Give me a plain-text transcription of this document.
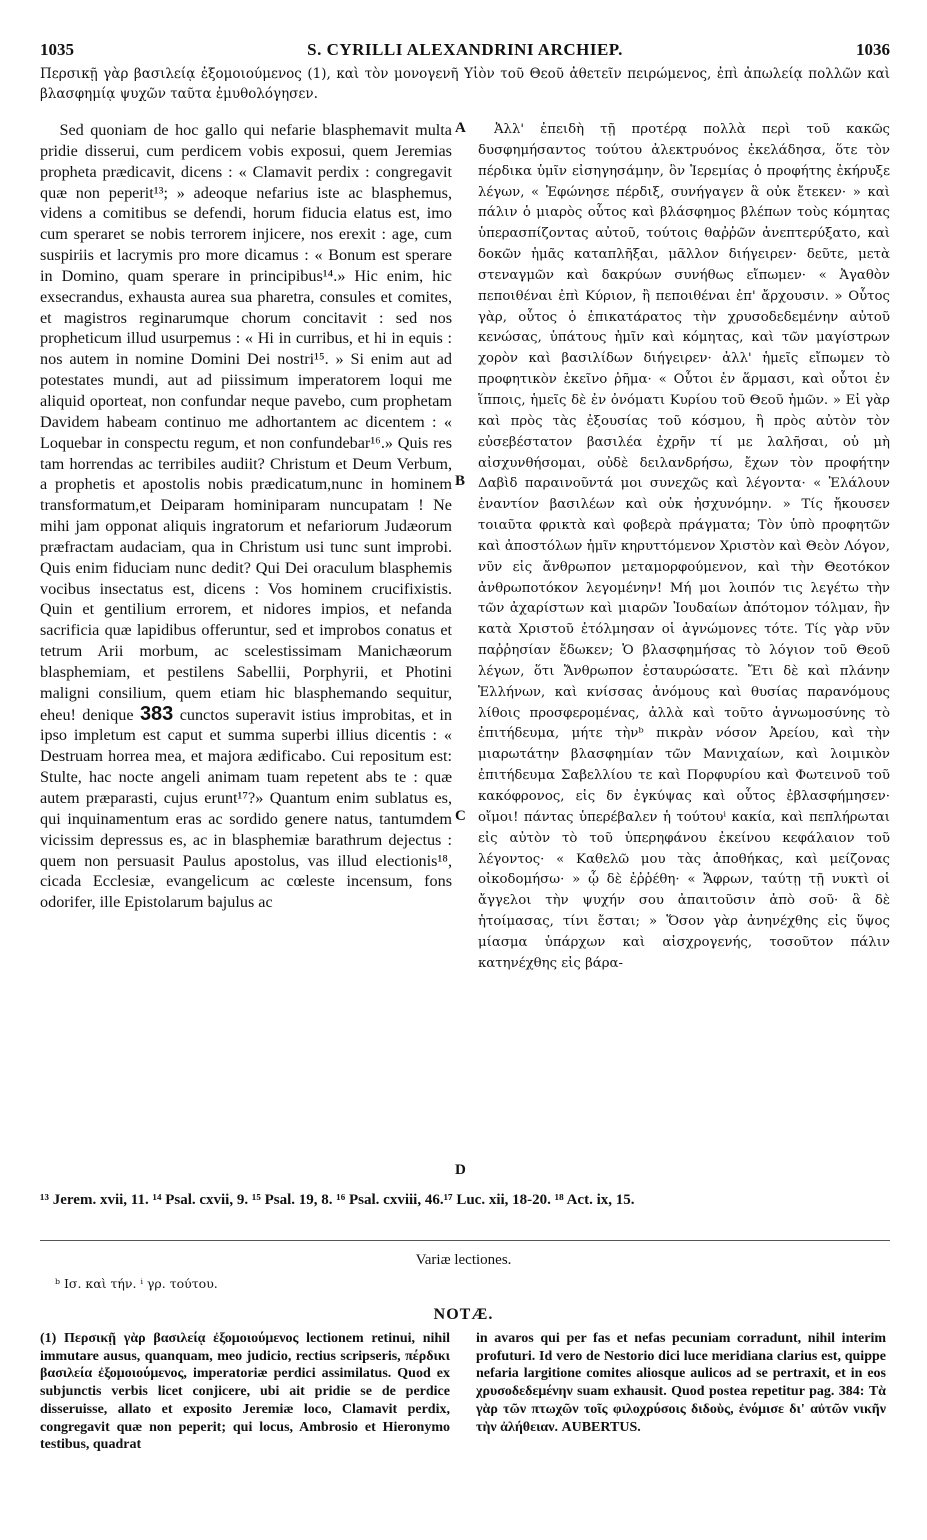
1035	S. CYRILLI ALEXANDRINI ARCHIEP.	1036
Περσικῇ γὰρ βασιλείᾳ ἐξομοιούμενος (1), καὶ τὸν μονογενῆ Υἱὸν τοῦ Θεοῦ ἀθετεῖν πειρώμενος, ἐπὶ ἀπωλείᾳ πολλῶν καὶ βλασφημίᾳ ψυχῶν ταῦτα ἐμυθολόγησεν.

Sed quoniam de hoc gallo qui nefarie blasphemavit multa pridie disserui, cum perdicem vobis exposui, quem Jeremias propheta prædicavit, dicens : « Clamavit perdix : congregavit quæ non peperit¹³; » adeoque nefarius iste ac blasphemus, videns a comitibus se defendi, horum fiducia elatus est, imo cum speraret se nobis terrorem injicere, nos erexit : age, cum suspiriis et lacrymis pro more dicamus : « Bonum est sperare in Domino, quam sperare in principibus¹⁴.» Hic enim, hic exsecrandus, exhausta aurea sua pharetra, consules et comites, et magistros reginarumque chorum concitavit : sed nos propheticum illud usurpemus : « Hi in curribus, et hi in equis : nos autem in nomine Domini Dei nostri¹⁵. » Si enim aut ad potestates mundi, aut ad piissimum imperatorem loqui me aliquid oporteat, non confundar neque pavebo, cum prophetam Davidem habeam continuo me adhortantem ac dicentem : « Loquebar in conspectu regum, et non confundebar¹⁶.» Quis res tam horrendas ac terribiles audiit? Christum et Deum Verbum, a prophetis et apostolis nobis prædicatum,nunc in hominem transformatum,et Deiparam hominiparam nuncupatam ! Ne mihi jam opponat aliquis ingratorum et nefariorum Judæorum præfractam audaciam, qua in Christum usi tunc sunt improbi. Quis enim fiduciam nunc dedit? Qui Dei oraculum blasphemis vocibus insectatus est, dicens : Vos hominem crucifixistis. Quin et gentilium errorem, et nidores impios, et nefanda sacrificia quæ lapidibus offeruntur, sed et improbos conatus et tetrum Arii morbum, ac scelestissimam Manichæorum blasphemiam, et pestilens Sabellii, Porphyrii, et Photini maligni consilium, quem etiam hic blasphemando sequitur, eheu! denique 383 cunctos superavit istius improbitas, et in ipso impletum est caput et summa superbi illius dicentis : « Destruam horrea mea, et majora ædificabo. Cui repositum est: Stulte, hac nocte angeli animam tuam repetent abs te : quæ autem præparasti, cujus erunt¹⁷?» Quantum enim sublatus es, qui inquinamentum eras ac sordido genere natus, tantumdem vicissim depressus es, ac in blasphemiæ barathrum dejectus : quem non persuasit Paulus apostolus, vas illud electionis¹⁸, cicada Ecclesiæ, evangelicum ac cœleste incensum, fons odorifer, ille Epistolarum bajulus ac

Ἀλλ' ἐπειδὴ τῇ προτέρᾳ πολλὰ περὶ τοῦ κακῶς δυσφημήσαντος τούτου ἀλεκτρυόνος ἐκελάδησα, ὅτε τὸν πέρδικα ὑμῖν εἰσηγησάμην, ὃν Ἱερεμίας ὁ προφήτης ἐκήρυξε λέγων, « Ἐφώνησε πέρδιξ, συνήγαγεν ἃ οὐκ ἔτεκεν· » καὶ πάλιν ὁ μιαρὸς οὗτος καὶ βλάσφημος βλέπων τοὺς κόμητας ὑπερασπίζοντας αὐτοῦ, τούτοις θαῤῥῶν ἀνεπτερύξατο, καὶ δοκῶν ἡμᾶς καταπλῆξαι, μᾶλλον διήγειρεν· δεῦτε, μετὰ στεναγμῶν καὶ δακρύων συνήθως εἴπωμεν· « Ἀγαθὸν πεποιθέναι ἐπὶ Κύριον, ἢ πεποιθέναι ἐπ' ἄρχουσιν. » Οὗτος γὰρ, οὗτος ὁ ἐπικατάρατος τὴν χρυσοδεδεμένην αὐτοῦ κενώσας, ὑπάτους ἡμῖν καὶ κόμητας, καὶ τῶν μαγίστρων χορὸν καὶ βασιλίδων διήγειρεν· ἀλλ' ἡμεῖς εἴπωμεν τὸ προφητικὸν ἐκεῖνο ῥῆμα· « Οὗτοι ἐν ἅρμασι, καὶ οὗτοι ἐν ἵπποις, ἡμεῖς δὲ ἐν ὀνόματι Κυρίου τοῦ Θεοῦ ἡμῶν. » Εἰ γὰρ καὶ πρὸς τὰς ἐξουσίας τοῦ κόσμου, ἢ πρὸς αὐτὸν τὸν εὐσεβέστατον βασιλέα ἐχρῆν τί με λαλῆσαι, οὐ μὴ αἰσχυνθήσομαι, οὐδὲ δειλανδρήσω, ἔχων τὸν προφήτην Δαβὶδ παραινοῦντά μοι συνεχῶς καὶ λέγοντα· « Ἐλάλουν ἐναντίον βασιλέων καὶ οὐκ ἠσχυνόμην. » Τίς ἤκουσεν τοιαῦτα φρικτὰ καὶ φοβερὰ πράγματα; Τὸν ὑπὸ προφητῶν καὶ ἀποστόλων ἡμῖν κηρυττόμενον Χριστὸν καὶ Θεὸν Λόγον, νῦν εἰς ἄνθρωπον μεταμορφούμενον, καὶ τὴν Θεοτόκον ἀνθρωποτόκον λεγομένην! Μή μοι λοιπόν τις λεγέτω τὴν τῶν ἀχαρίστων καὶ μιαρῶν Ἰουδαίων ἀπότομον τόλμαν, ἣν κατὰ Χριστοῦ ἐτόλμησαν οἱ ἀγνώμονες τότε. Τίς γὰρ νῦν παῤῥησίαν ἔδωκεν; Ὁ βλασφημήσας τὸ λόγιον τοῦ Θεοῦ λέγων, ὅτι Ἄνθρωπον ἐσταυρώσατε. Ἔτι δὲ καὶ πλάνην Ἑλλήνων, καὶ κνίσσας ἀνόμους καὶ θυσίας παρανόμους λίθοις προσφερομένας, ἀλλὰ καὶ τοῦτο ἀγνωμοσύνης τὸ ἐπιτήδευμα, μήτε τὴνᵇ πικρὰν νόσον Ἀρείου, καὶ τὴν μιαρωτάτην βλασφημίαν τῶν Μανιχαίων, καὶ λοιμικὸν ἐπιτήδευμα Σαβελλίου τε καὶ Πορφυρίου καὶ Φωτεινοῦ τοῦ κακόφρονος, εἰς δν ἐγκύψας καὶ οὗτος ἐβλασφήμησεν· οἴμοι! πάντας ὑπερέβαλεν ἡ τούτουⁱ κακία, καὶ πεπλήρωται εἰς αὐτὸν τὸ τοῦ ὑπερηφάνου ἐκείνου κεφάλαιον τοῦ λέγοντος· « Καθελῶ μου τὰς ἀποθήκας, καὶ μείζονας οἰκοδομήσω· » ᾧ δὲ ἐῤῥέθη· « Ἄφρων, ταύτῃ τῇ νυκτὶ οἱ ἄγγελοι τὴν ψυχήν σου ἀπαιτοῦσιν ἀπὸ σοῦ· ἃ δὲ ἡτοίμασας, τίνι ἔσται; » Ὅσον γὰρ ἀνηνέχθης εἰς ὕψος μίασμα ὑπάρχων καὶ αἰσχρογενής, τοσοῦτον πάλιν κατηνέχθης εἰς βάρα-

A
B
C
D
¹³ Jerem. xvii, 11. ¹⁴ Psal. cxvii, 9. ¹⁵ Psal. 19, 8. ¹⁶ Psal. cxviii, 46.¹⁷ Luc. xii, 18-20. ¹⁸ Act. ix, 15.
Variæ lectiones.
ᵇ Ισ. καὶ τήν. ⁱ γρ. τούτου.
NOTÆ.
(1) Περσικῇ γὰρ βασιλείᾳ ἐξομοιούμενος lectionem retinui, nihil immutare ausus, quanquam, meo judicio, rectius scripseris, πέρδικι βασιλεία ἐξομοιούμενος, imperatoriæ perdici assimilatus. Quod ex subjunctis verbis licet conjicere, ubi ait pridie se de perdice disseruisse, allato et exposito Jeremiæ loco, Clamavit perdix, congregavit quæ non peperit; qui locus, Ambrosio et Hieronymo testibus, quadrat
in avaros qui per fas et nefas pecuniam corradunt, nihil interim profuturi. Id vero de Nestorio dici luce meridiana clarius est, quippe nefaria largitione comites aliosque aulicos ad se pertraxit, et in eos χρυσοδεδεμένην suam exhausit. Quod postea repetitur pag. 384: Τὰ γὰρ τῶν πτωχῶν τοῖς φιλοχρύσοις διδοὺς, ἐνόμισε δι' αὐτῶν νικῆν τὴν ἀλήθειαν. AUBERTUS.
